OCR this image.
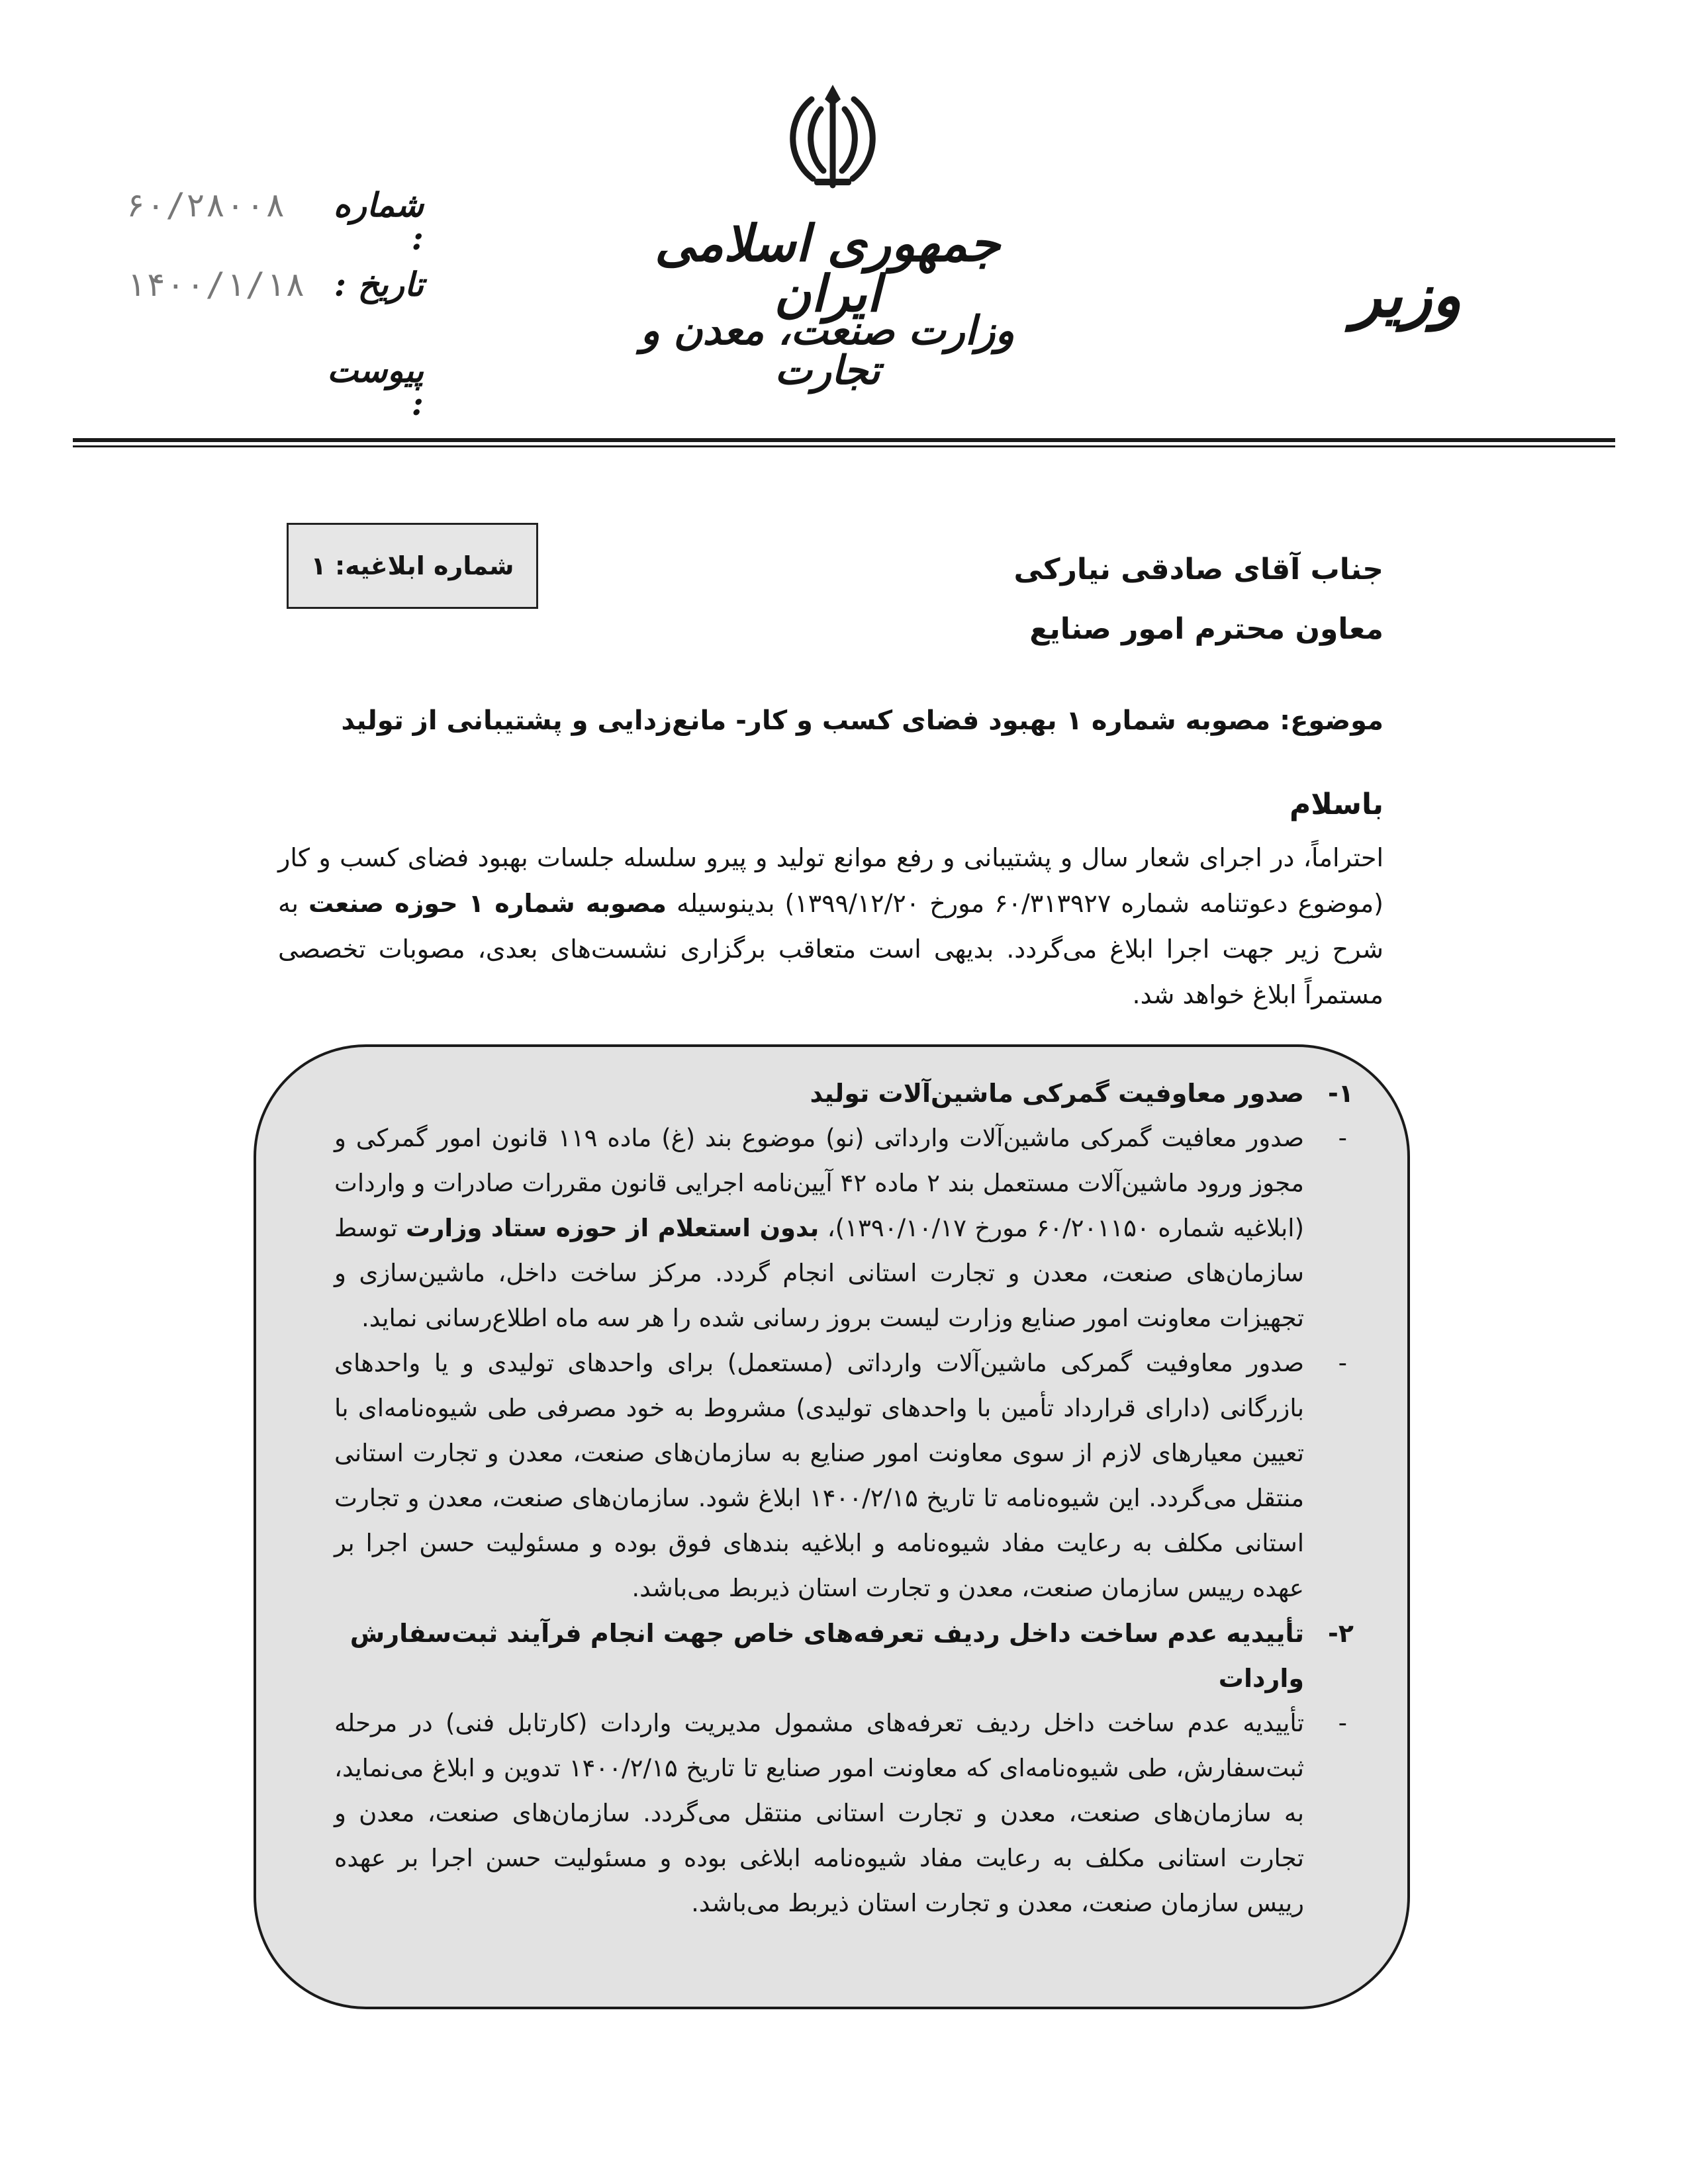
جمهوری اسلامی ایران
وزارت صنعت، معدن و تجارت
وزیر
شماره :
۶۰/۲۸۰۰۸
تاریخ :
۱۴۰۰/۱/۱۸
پیوست :
شماره ابلاغیه: ۱	جناب آقای صادقی نیارکی
معاون محترم امور صنایع
موضوع: مصوبه شماره ۱ بهبود فضای کسب و کار- مانع‌زدایی و پشتیبانی از تولید
باسلام
احتراماً، در اجرای شعار سال و پشتیبانی و رفع موانع تولید و پیرو سلسله جلسات بهبود فضای کسب و کار (موضوع دعوتنامه شماره ۶۰/۳۱۳۹۲۷ مورخ ۱۳۹۹/۱۲/۲۰) بدینوسیله مصوبه شماره ۱ حوزه صنعت به شرح زیر جهت اجرا ابلاغ می‌گردد. بدیهی است متعاقب برگزاری نشست‌های بعدی، مصوبات تخصصی مستمراً ابلاغ خواهد شد.
۱-
صدور معاوفیت گمرکی ماشین‌آلات تولید
-

صدور معافیت گمرکی ماشین‌آلات وارداتی (نو) موضوع بند (غ) ماده ۱۱۹ قانون امور گمرکی و مجوز ورود ماشین‌آلات مستعمل بند ۲ ماده ۴۲ آیین‌نامه اجرایی قانون مقررات صادرات و واردات (ابلاغیه شماره ۶۰/۲۰۱۱۵۰ مورخ ۱۳۹۰/۱۰/۱۷)، بدون استعلام از حوزه ستاد وزارت توسط سازمان‌های صنعت، معدن و تجارت استانی انجام گردد. مرکز ساخت داخل، ماشین‌سازی و تجهیزات معاونت امور صنایع وزارت لیست بروز رسانی شده را هر سه ماه اطلاع‌رسانی نماید.

-

صدور معاوفیت گمرکی ماشین‌آلات وارداتی (مستعمل) برای واحدهای تولیدی و یا واحدهای بازرگانی (دارای قرارداد تأمین با واحدهای تولیدی) مشروط به خود مصرفی طی شیوه‌نامه‌ای با تعیین معیارهای لازم از سوی معاونت امور صنایع به سازمان‌های صنعت، معدن و تجارت استانی منتقل می‌گردد. این شیوه‌نامه تا تاریخ ۱۴۰۰/۲/۱۵ ابلاغ شود. سازمان‌های صنعت، معدن و تجارت استانی مکلف به رعایت مفاد شیوه‌نامه و ابلاغیه بندهای فوق بوده و مسئولیت حسن اجرا بر عهده رییس سازمان صنعت، معدن و تجارت استان ذیربط می‌باشد.

۲-
تأییدیه عدم ساخت داخل ردیف تعرفه‌های خاص جهت انجام فرآیند ثبت‌سفارش واردات
-

تأییدیه عدم ساخت داخل ردیف تعرفه‌های مشمول مدیریت واردات (کارتابل فنی) در مرحله ثبت‌سفارش، طی شیوه‌نامه‌ای که معاونت امور صنایع تا تاریخ ۱۴۰۰/۲/۱۵ تدوین و ابلاغ می‌نماید، به سازمان‌های صنعت، معدن و تجارت استانی منتقل می‌گردد. سازمان‌های صنعت، معدن و تجارت استانی مکلف به رعایت مفاد شیوه‌نامه ابلاغی بوده و مسئولیت حسن اجرا بر عهده رییس سازمان صنعت، معدن و تجارت استان ذیربط می‌باشد.
